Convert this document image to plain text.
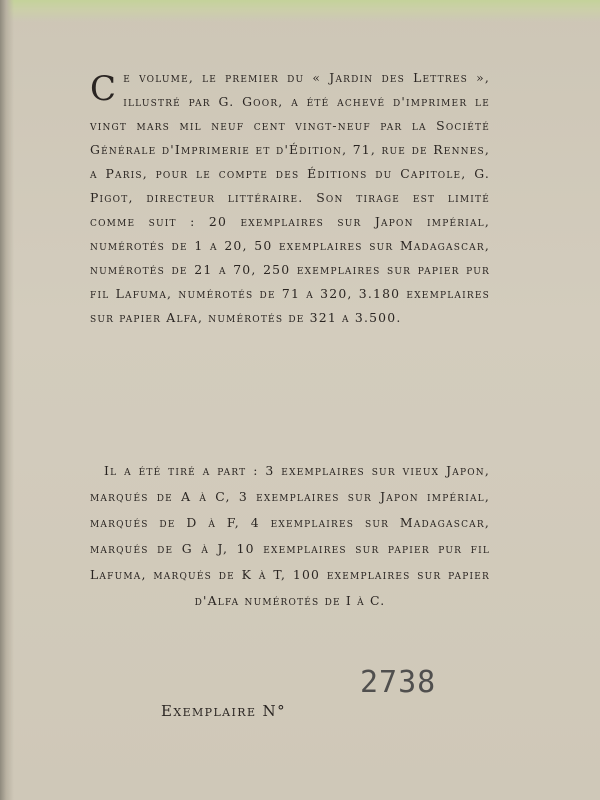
Ce volume, le premier du « Jardin des Lettres », illustré par G. Goor, a été achevé d'imprimer le vingt mars mil neuf cent vingt-neuf par la Société Générale d'Imprimerie et d'Édition, 71, rue de Rennes, a Paris, pour le compte des Éditions du Capitole, G. Pigot, directeur littéraire. Son tirage est limité comme suit : 20 exemplaires sur Japon impérial, numérotés de 1 a 20, 50 exemplaires sur Madagascar, numérotés de 21 a 70, 250 exemplaires sur papier pur fil Lafuma, numérotés de 71 a 320, 3.180 exemplaires sur papier Alfa, numérotés de 321 a 3.500.

Il a été tiré a part : 3 exemplaires sur vieux Japon, marqués de A à C, 3 exemplaires sur Japon impérial, marqués de D à F, 4 exemplaires sur Madagascar, marqués de G à J, 10 exemplaires sur papier pur fil Lafuma, marqués de K à T, 100 exemplaires sur papier d'Alfa numérotés de I à C.

2738
Exemplaire N°
